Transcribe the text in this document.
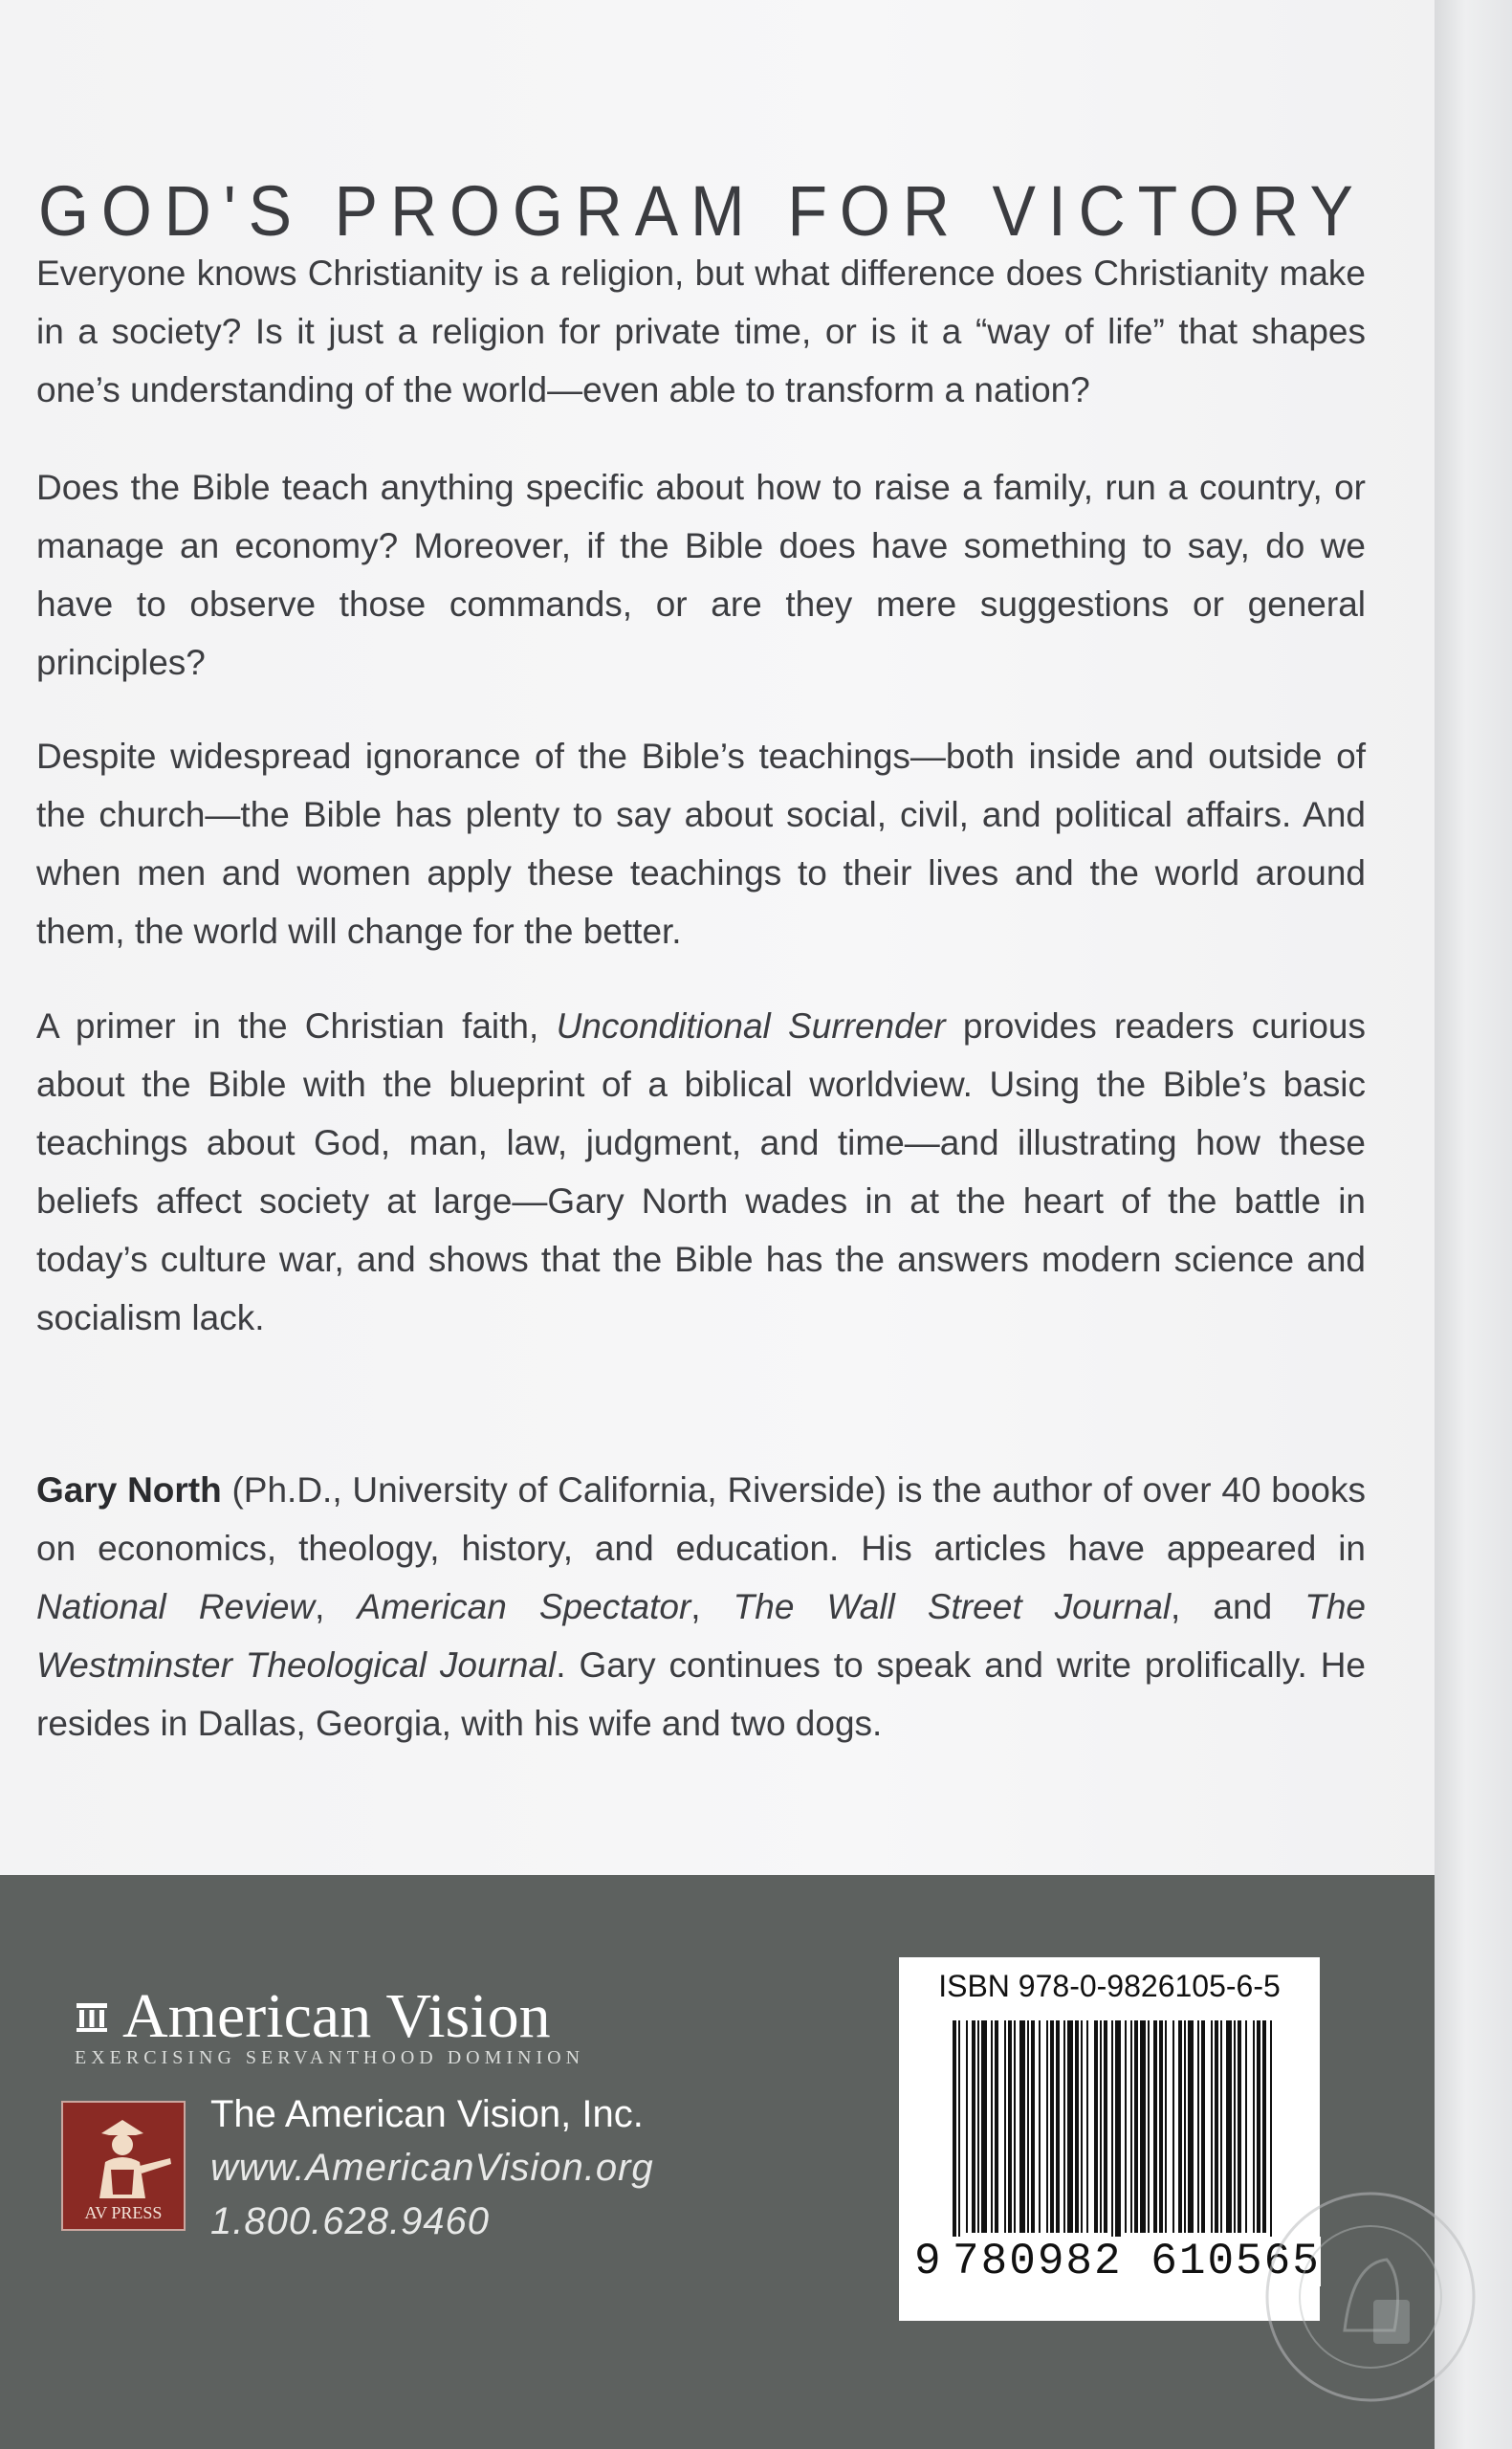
GOD'S PROGRAM FOR VICTORY

Everyone knows Christianity is a religion, but what difference does Christianity make in a society? Is it just a religion for private time, or is it a “way of life” that shapes one’s understanding of the world—even able to transform a nation?

Does the Bible teach anything specific about how to raise a family, run a country, or manage an economy? Moreover, if the Bible does have something to say, do we have to observe those commands, or are they mere suggestions or general principles?

Despite widespread ignorance of the Bible’s teachings—both inside and outside of the church—the Bible has plenty to say about social, civil, and political affairs. And when men and women apply these teachings to their lives and the world around them, the world will change for the better.

A primer in the Christian faith, Unconditional Surrender provides readers curious about the Bible with the blueprint of a biblical worldview. Using the Bible’s basic teachings about God, man, law, judgment, and time—and illustrating how these beliefs affect society at large—Gary North wades in at the heart of the battle in today’s culture war, and shows that the Bible has the answers modern science and socialism lack.

Gary North (Ph.D., University of California, Riverside) is the author of over 40 books on economics, theology, history, and education. His articles have appeared in National Review, American Spectator, The Wall Street Journal, and The Westminster Theological Journal. Gary continues to speak and write prolifically. He resides in Dallas, Georgia, with his wife and two dogs.

American Vision
EXERCISING SERVANTHOOD DOMINION
AV PRESS
The American Vision, Inc.
www.AmericanVision.org
1.800.628.9460
ISBN 978-0-9826105-6-5
9 780982 610565
